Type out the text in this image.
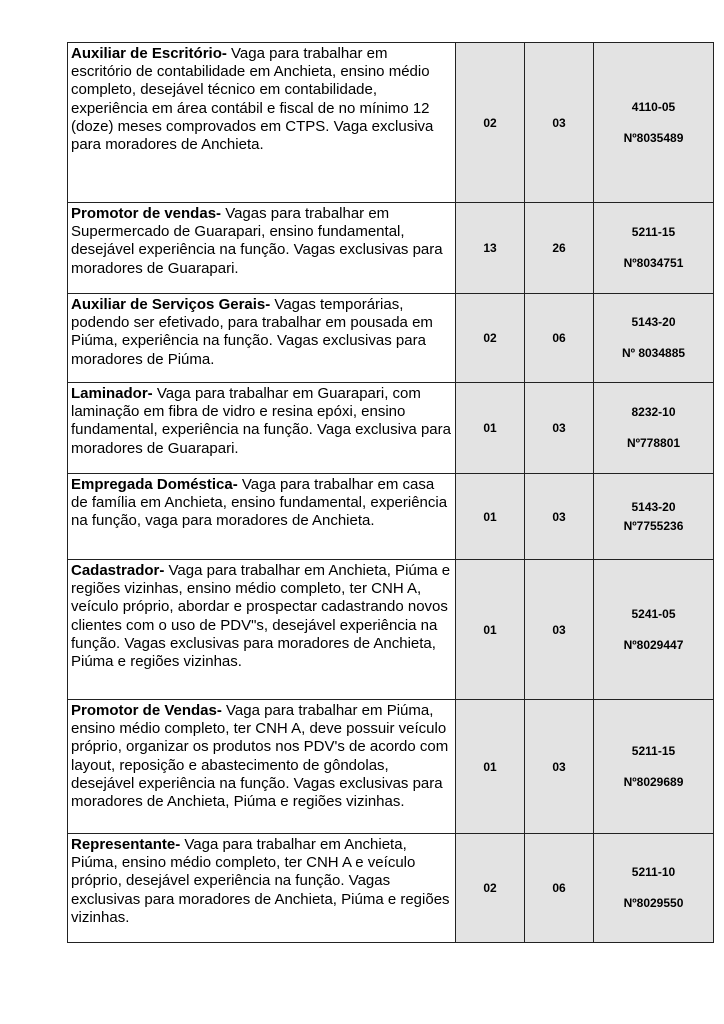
Auxiliar de Escritório- Vaga para trabalhar em escritório de contabilidade em Anchieta, ensino médio completo, desejável técnico em contabilidade, experiência em área contábil e fiscal de no mínimo 12 (doze) meses comprovados em CTPS. Vaga exclusiva para moradores de Anchieta.	02	03	4110-05
Nº8035489
Promotor de vendas- Vagas para trabalhar em Supermercado de Guarapari, ensino fundamental, desejável experiência na função. Vagas exclusivas para moradores de Guarapari.	13	26	5211-15
Nº8034751
Auxiliar de Serviços Gerais- Vagas temporárias, podendo ser efetivado, para trabalhar em pousada em Piúma, experiência na função. Vagas exclusivas para moradores de Piúma.	02	06	5143-20
Nº 8034885
Laminador- Vaga para trabalhar em Guarapari, com laminação em fibra de vidro e resina epóxi, ensino fundamental, experiência na função. Vaga exclusiva para moradores de Guarapari.	01	03	8232-10
Nº778801
Empregada Doméstica- Vaga para trabalhar em casa de família em Anchieta, ensino fundamental, experiência na função, vaga para moradores de Anchieta.	01	03	5143-20
Nº7755236
Cadastrador- Vaga para trabalhar em Anchieta, Piúma e regiões vizinhas, ensino médio completo, ter CNH A, veículo próprio, abordar e prospectar cadastrando novos clientes com o uso de PDV"s, desejável experiência na função. Vagas exclusivas para moradores de Anchieta, Piúma e regiões vizinhas.	01	03	5241-05
Nº8029447
Promotor de Vendas- Vaga para trabalhar em Piúma, ensino médio completo, ter CNH A, deve possuir veículo próprio, organizar os produtos nos PDV's de acordo com layout, reposição e abastecimento de gôndolas, desejável experiência na função. Vagas exclusivas para moradores de Anchieta, Piúma e regiões vizinhas.	01	03	5211-15
Nº8029689
Representante- Vaga para trabalhar em Anchieta, Piúma, ensino médio completo, ter CNH A e veículo próprio, desejável experiência na função. Vagas exclusivas para moradores de Anchieta, Piúma e regiões vizinhas.	02	06	5211-10
Nº8029550
